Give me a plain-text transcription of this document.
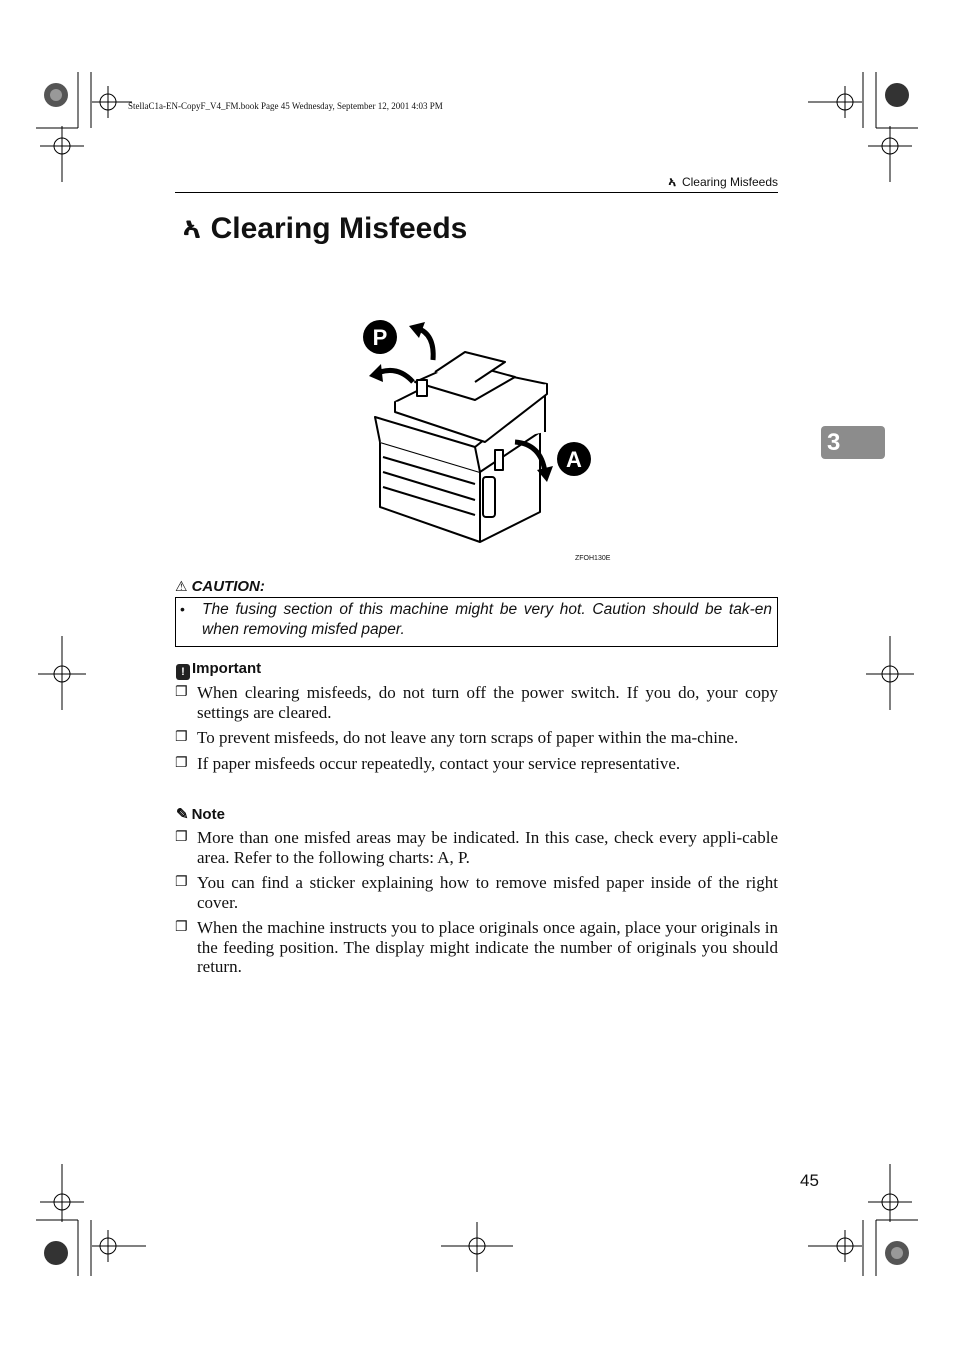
StellaC1a-EN-CopyF_V4_FM.book Page 45 Wednesday, September 12, 2001 4:03 PM
ኣ Clearing Misfeeds
ኣ Clearing Misfeeds
P
A
ZFOH130E
3
⚠ CAUTION:
• The fusing section of this machine might be very hot. Caution should be tak-en when removing misfed paper.
! Important
❐ When clearing misfeeds, do not turn off the power switch. If you do, your copy settings are cleared.
❐ To prevent misfeeds, do not leave any torn scraps of paper within the ma-chine.
❐ If paper misfeeds occur repeatedly, contact your service representative.
✎ Note
❐ More than one misfed areas may be indicated. In this case, check every appli-cable area. Refer to the following charts: A, P.
❐ You can find a sticker explaining how to remove misfed paper inside of the right cover.
❐ When the machine instructs you to place originals once again, place your originals in the feeding position. The display might indicate the number of originals you should return.
45
